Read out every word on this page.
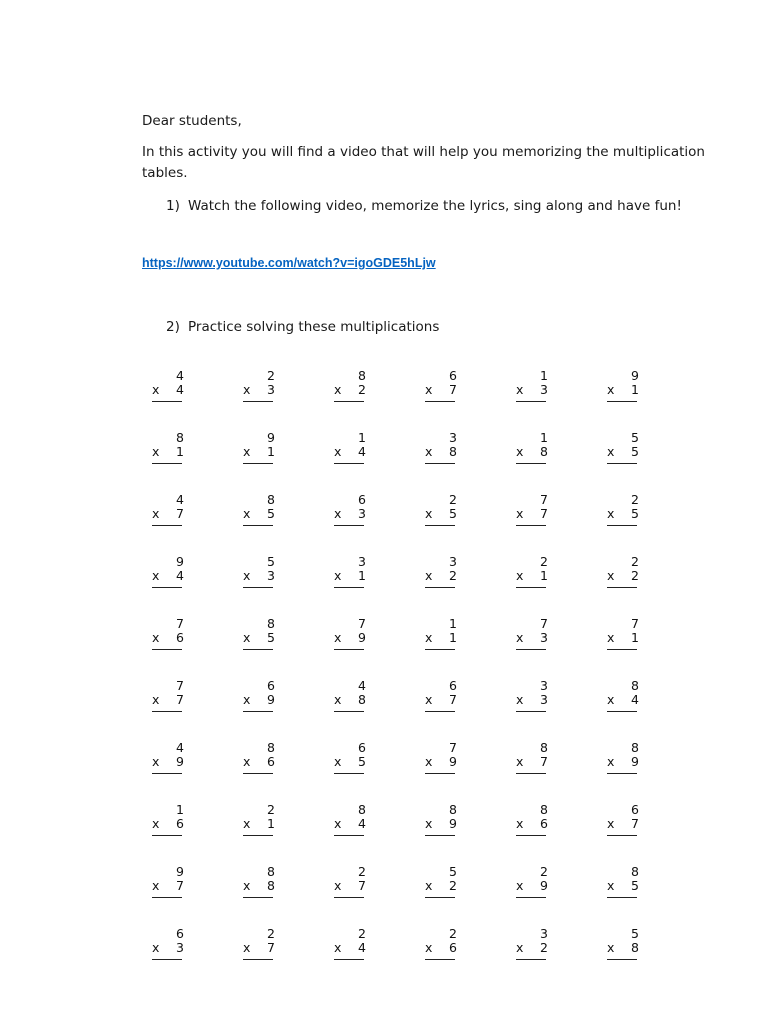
Dear students,
In this activity you will find a video that will help you memorizing the multiplication
tables.
1) Watch the following video, memorize the lyrics, sing along and have fun!
https://www.youtube.com/watch?v=igoGDE5hLjw
2) Practice solving these multiplications
4
x 4
2
x 3
8
x 2
6
x 7
1
x 3
9
x 1
8
x 1
9
x 1
1
x 4
3
x 8
1
x 8
5
x 5
4
x 7
8
x 5
6
x 3
2
x 5
7
x 7
2
x 5
9
x 4
5
x 3
3
x 1
3
x 2
2
x 1
2
x 2
7
x 6
8
x 5
7
x 9
1
x 1
7
x 3
7
x 1
7
x 7
6
x 9
4
x 8
6
x 7
3
x 3
8
x 4
4
x 9
8
x 6
6
x 5
7
x 9
8
x 7
8
x 9
1
x 6
2
x 1
8
x 4
8
x 9
8
x 6
6
x 7
9
x 7
8
x 8
2
x 7
5
x 2
2
x 9
8
x 5
6
x 3
2
x 7
2
x 4
2
x 6
3
x 2
5
x 8
